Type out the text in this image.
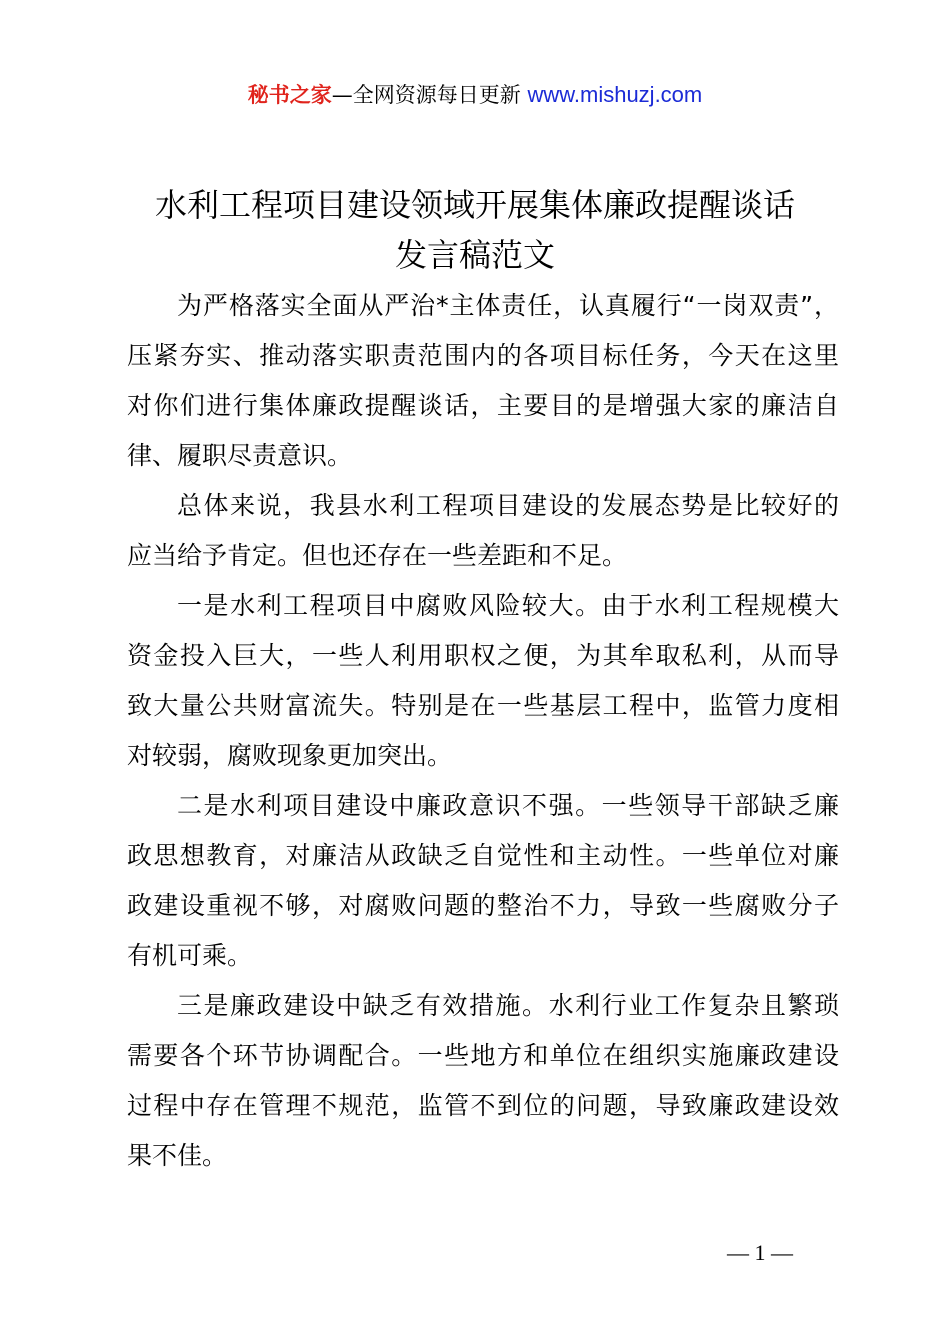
秘书之家—全网资源每日更新 www.mishuzj.com
水利工程项目建设领域开展集体廉政提醒谈话
发言稿范文
为严格落实全面从严治*主体责任，认真履行“一岗双责”，
压紧夯实、推动落实职责范围内的各项目标任务，今天在这里
对你们进行集体廉政提醒谈话，主要目的是增强大家的廉洁自
律、履职尽责意识。
总体来说，我县水利工程项目建设的发展态势是比较好的
应当给予肯定。但也还存在一些差距和不足。
一是水利工程项目中腐败风险较大。由于水利工程规模大
资金投入巨大，一些人利用职权之便，为其牟取私利，从而导
致大量公共财富流失。特别是在一些基层工程中，监管力度相
对较弱，腐败现象更加突出。
二是水利项目建设中廉政意识不强。一些领导干部缺乏廉
政思想教育，对廉洁从政缺乏自觉性和主动性。一些单位对廉
政建设重视不够，对腐败问题的整治不力，导致一些腐败分子
有机可乘。
三是廉政建设中缺乏有效措施。水利行业工作复杂且繁琐
需要各个环节协调配合。一些地方和单位在组织实施廉政建设
过程中存在管理不规范，监管不到位的问题，导致廉政建设效
果不佳。
— 1 —
